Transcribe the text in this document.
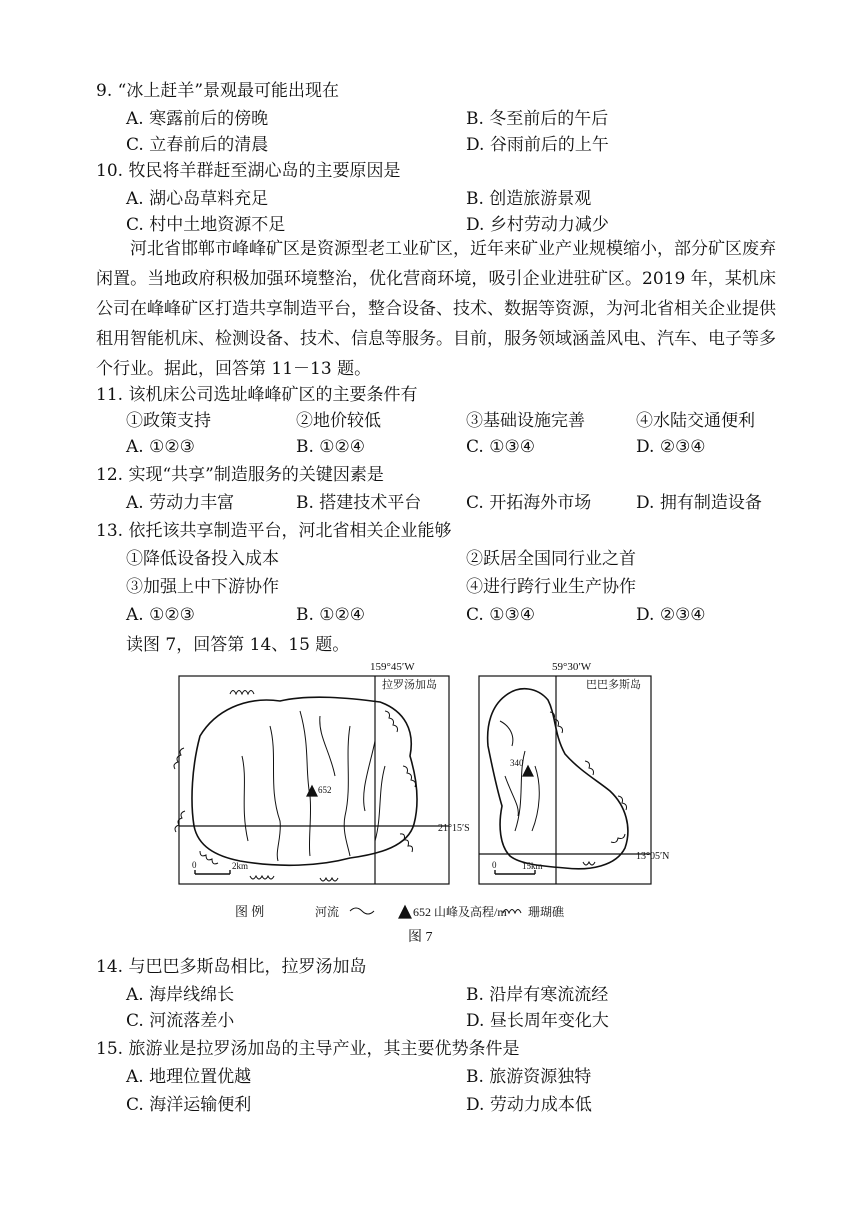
9. “冰上赶羊”景观最可能出现在
A. 寒露前后的傍晚	B. 冬至前后的午后
C. 立春前后的清晨	D. 谷雨前后的上午
10. 牧民将羊群赶至湖心岛的主要原因是
A. 湖心岛草料充足	B. 创造旅游景观
C. 村中土地资源不足	D. 乡村劳动力减少
河北省邯郸市峰峰矿区是资源型老工业矿区，近年来矿业产业规模缩小，部分矿区废弃闲置。当地政府积极加强环境整治，优化营商环境，吸引企业进驻矿区。2019 年，某机床公司在峰峰矿区打造共享制造平台，整合设备、技术、数据等资源，为河北省相关企业提供租用智能机床、检测设备、技术、信息等服务。目前，服务领域涵盖风电、汽车、电子等多个行业。据此，回答第 11－13 题。
11. 该机床公司选址峰峰矿区的主要条件有
①政策支持	②地价较低	③基础设施完善	④水陆交通便利
A. ①②③	B. ①②④	C. ①③④	D. ②③④
12. 实现“共享”制造服务的关键因素是
A. 劳动力丰富	B. 搭建技术平台	C. 开拓海外市场	D. 拥有制造设备
13. 依托该共享制造平台，河北省相关企业能够
①降低设备投入成本	②跃居全国同行业之首
③加强上中下游协作	④进行跨行业生产协作
A. ①②③	B. ①②④	C. ①③④	D. ②③④
读图 7，回答第 14、15 题。
159°45′W
拉罗汤加岛
652
21°15′S
0	2km
59°30′W
巴巴多斯岛
340
13°05′N
0	15km
图 例	河流	652 山峰及高程/m 珊瑚礁
图 7
14. 与巴巴多斯岛相比，拉罗汤加岛
A. 海岸线绵长	B. 沿岸有寒流流经
C. 河流落差小	D. 昼长周年变化大
15. 旅游业是拉罗汤加岛的主导产业，其主要优势条件是
A. 地理位置优越	B. 旅游资源独特
C. 海洋运输便利	D. 劳动力成本低
